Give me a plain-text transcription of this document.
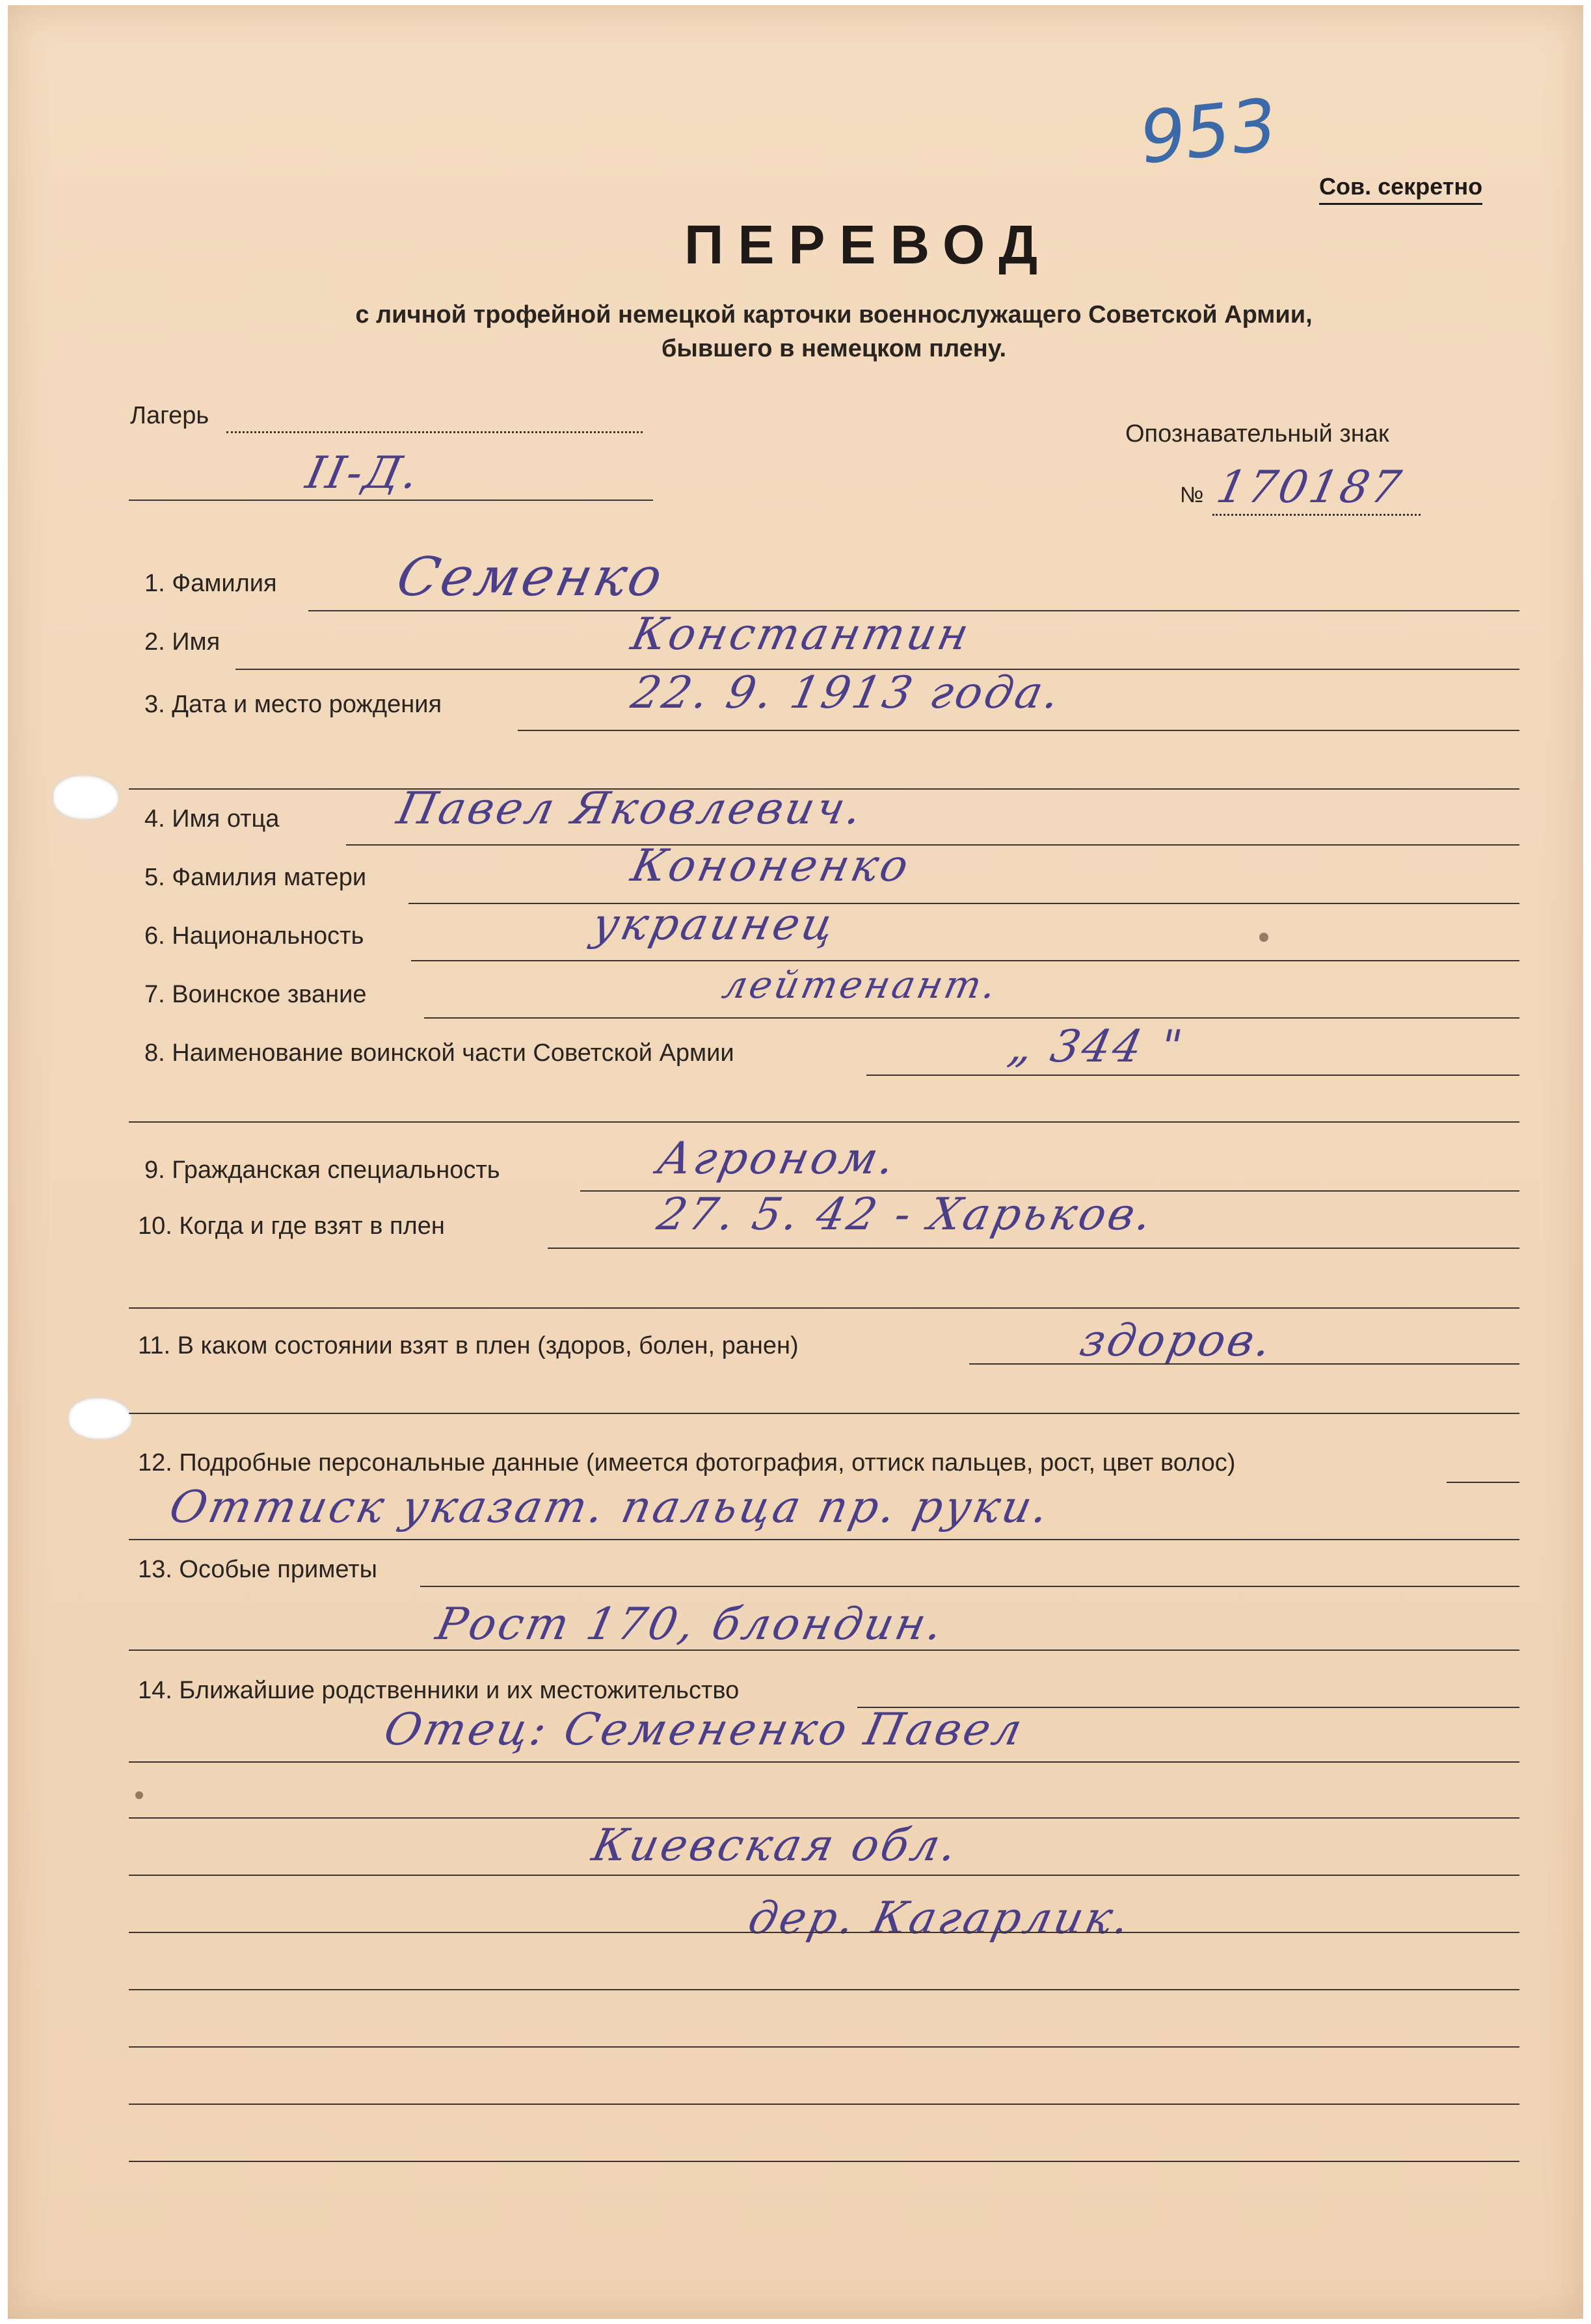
953
Сов. секретно
ПЕРЕВОД
с личной трофейной немецкой карточки военнослужащего Советской Армии,
бывшего в немецком плену.
Лагерь
II-Д.
Опознавательный знак
№ 170187
1. Фамилия Семенко
2. Имя	Константин
3. Дата и место рождения	22. 9. 1913 года.
4. Имя отца	Павел Яковлевич.
5. Фамилия матери	Кононенко
6. Национальность	украинец
7. Воинское звание	лейтенант.
8. Наименование воинской части Советской Армии	„ 344 "
9. Гражданская специальность	Агроном.
10. Когда и где взят в плен	27. 5. 42 - Харьков.
11. В каком состоянии взят в плен (здоров, болен, ранен)	здоров.
12. Подробные персональные данные (имеется фотография, оттиск пальцев, рост, цвет волос)
Оттиск указат. пальца пр. руки.
13. Особые приметы
Рост 170, блондин.
14. Ближайшие родственники и их местожительство
Отец: Семененко Павел
Киевская обл.
дер. Кагарлик.
